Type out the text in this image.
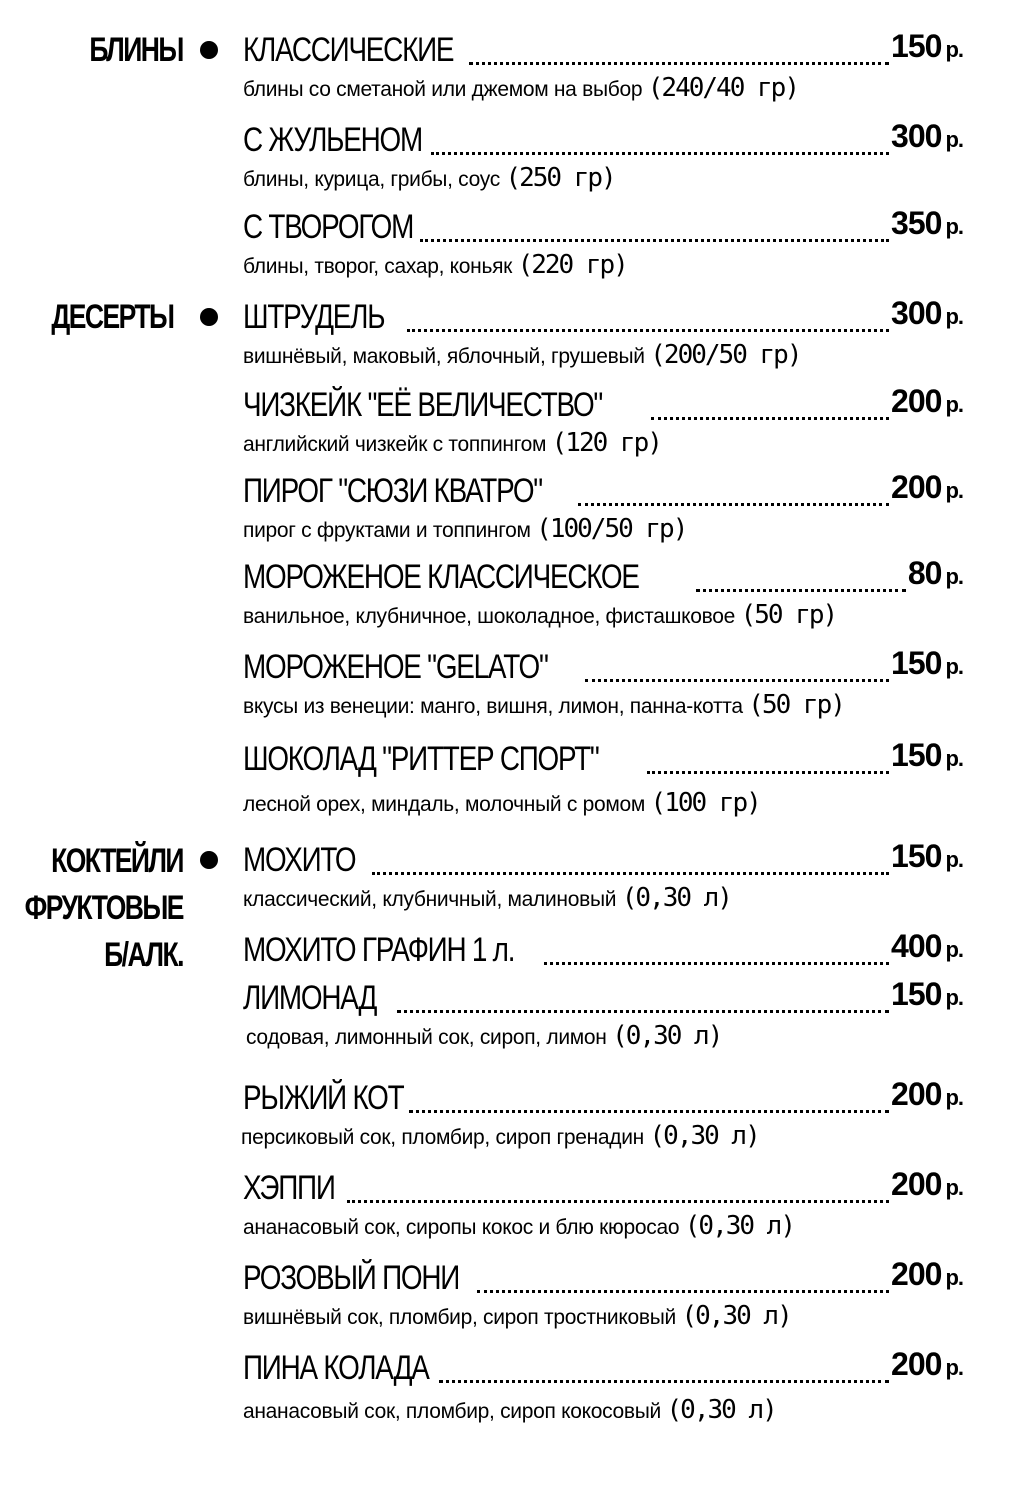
БЛИНЫ КЛАССИЧЕСКИЕ	150 р.
блины со сметаной или джемом на выбор (240/40 гр)
С ЖУЛЬЕНОМ	300 р.
блины, курица, грибы, соус (250 гр)
С ТВОРОГОМ	350 р.
блины, творог, сахар, коньяк (220 гр)
ДЕСЕРТЫ ШТРУДЕЛЬ	300 р.
вишнёвый, маковый, яблочный, грушевый (200/50 гр)
ЧИЗКЕЙК "ЕЁ ВЕЛИЧЕСТВО"	200 р.
английский чизкейк с топпингом (120 гр)
ПИРОГ "СЮЗИ КВАТРО"	200 р.
пирог с фруктами и топпингом (100/50 гр)
МОРОЖЕНОЕ КЛАССИЧЕСКОЕ	80 р.
ванильное, клубничное, шоколадное, фисташковое (50 гр)
МОРОЖЕНОЕ "GELATO"	150 р.
вкусы из венеции: манго, вишня, лимон, панна-котта (50 гр)
ШОКОЛАД "РИТТЕР СПОРТ"	150 р.
лесной орех, миндаль, молочный с ромом (100 гр)
КОКТЕЙЛИ
ФРУКТОВЫЕ
Б/АЛК.
МОХИТО	150 р.
классический, клубничный, малиновый (0,30 л)
МОХИТО ГРАФИН 1 л.	400 р.
ЛИМОНАД	150 р.
содовая, лимонный сок, сироп, лимон (0,30 л)
РЫЖИЙ КОТ	200 р.
персиковый сок, пломбир, сироп гренадин (0,30 л)
ХЭППИ	200 р.
ананасовый сок, сиропы кокос и блю кюросао (0,30 л)
РОЗОВЫЙ ПОНИ	200 р.
вишнёвый сок, пломбир, сироп тростниковый (0,30 л)
ПИНА КОЛАДА	200 р.
ананасовый сок, пломбир, сироп кокосовый (0,30 л)
